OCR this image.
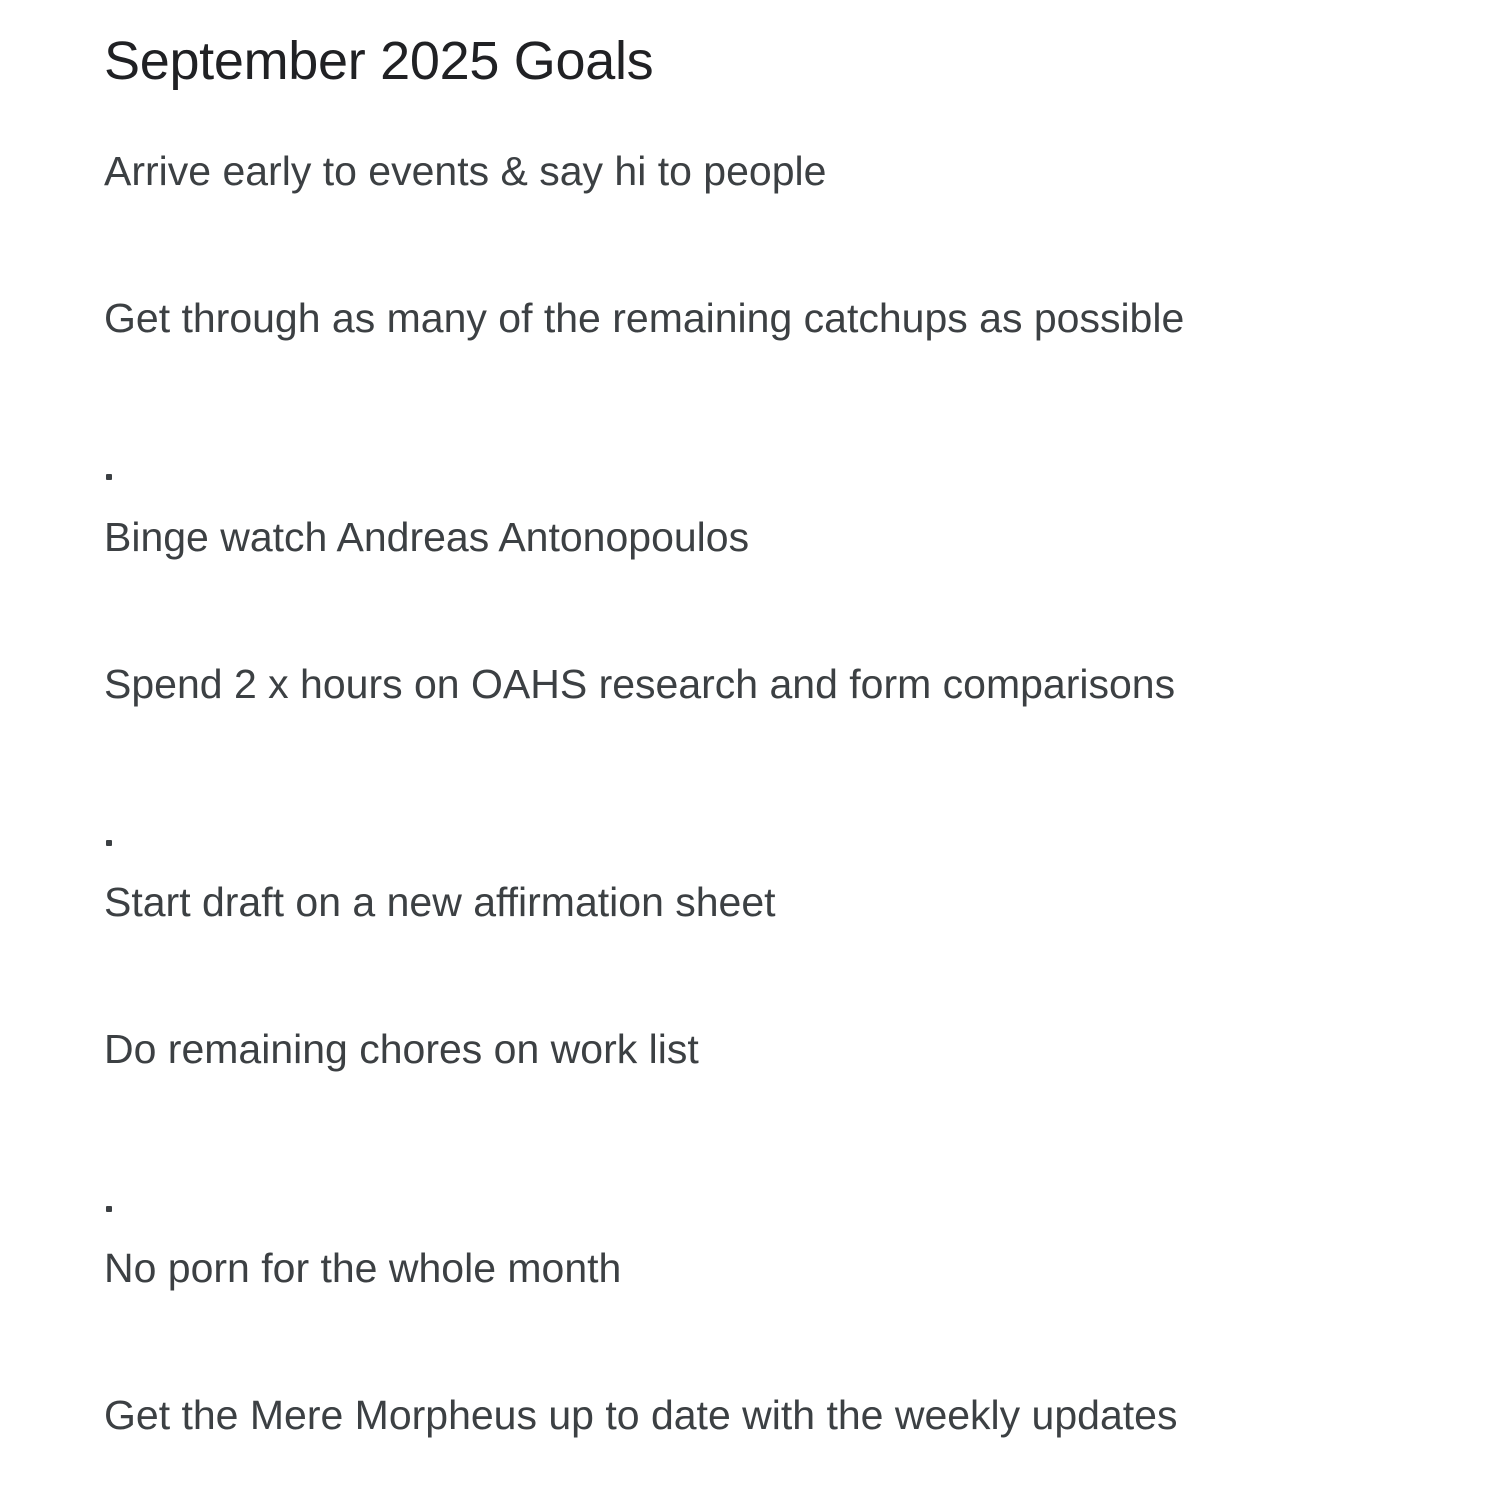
September 2025 Goals
Arrive early to events & say hi to people
Get through as many of the remaining catchups as possible
Binge watch Andreas Antonopoulos
Spend 2 x hours on OAHS research and form comparisons
Start draft on a new affirmation sheet
Do remaining chores on work list
No porn for the whole month
Get the Mere Morpheus up to date with the weekly updates
